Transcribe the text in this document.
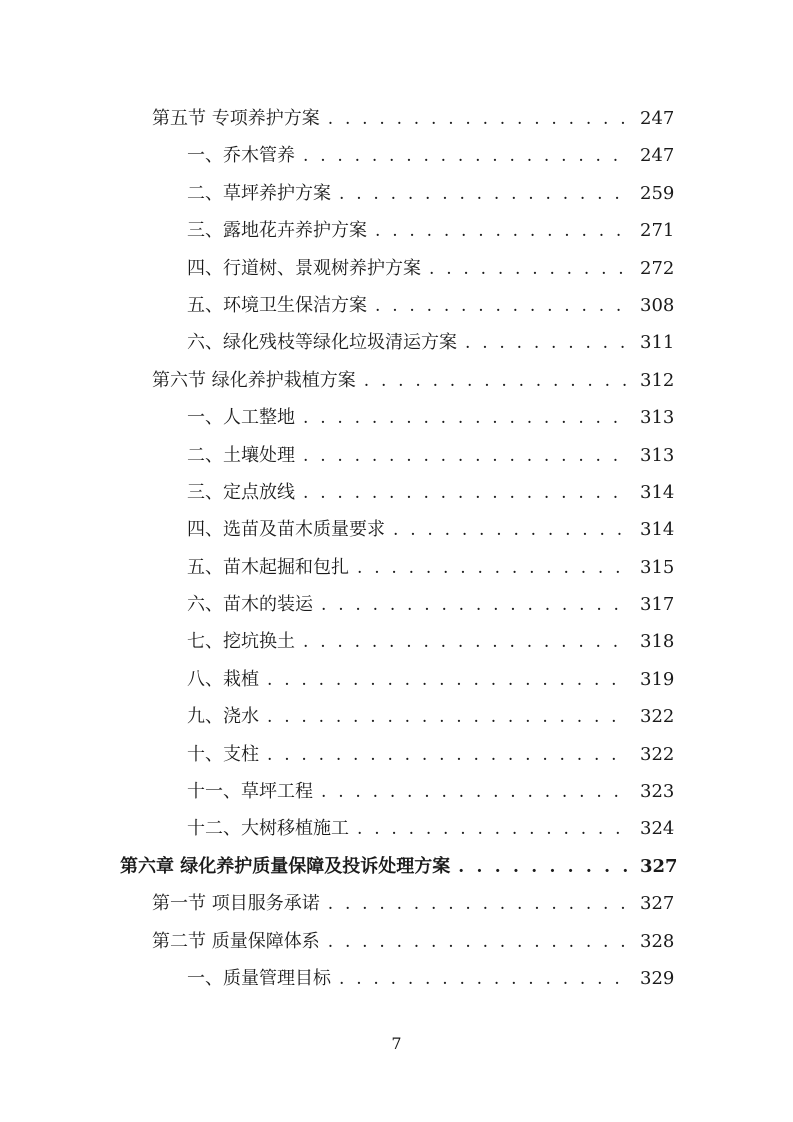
第五节 专项养护方案 . . .	247
一、乔木管养 . . .	247
二、草坪养护方案 . . .	259
三、露地花卉养护方案 . . .	271
四、行道树、景观树养护方案 . . .	272
五、环境卫生保洁方案 . . .	308
六、绿化残枝等绿化垃圾清运方案 . . .	311
第六节 绿化养护栽植方案 . . .	312
一、人工整地 . . .	313
二、土壤处理 . . .	313
三、定点放线 . . .	314
四、选苗及苗木质量要求 . . .	314
五、苗木起掘和包扎 . . .	315
六、苗木的装运 . . .	317
七、挖坑换土 . . .	318
八、栽植 . . .	319
九、浇水 . . .	322
十、支柱 . . .	322
十一、草坪工程 . . .	323
十二、大树移植施工 . . .	324
第六章 绿化养护质量保障及投诉处理方案 . . .	327
第一节 项目服务承诺 . . .	327
第二节 质量保障体系 . . .	328
一、质量管理目标 . . .	329
7
